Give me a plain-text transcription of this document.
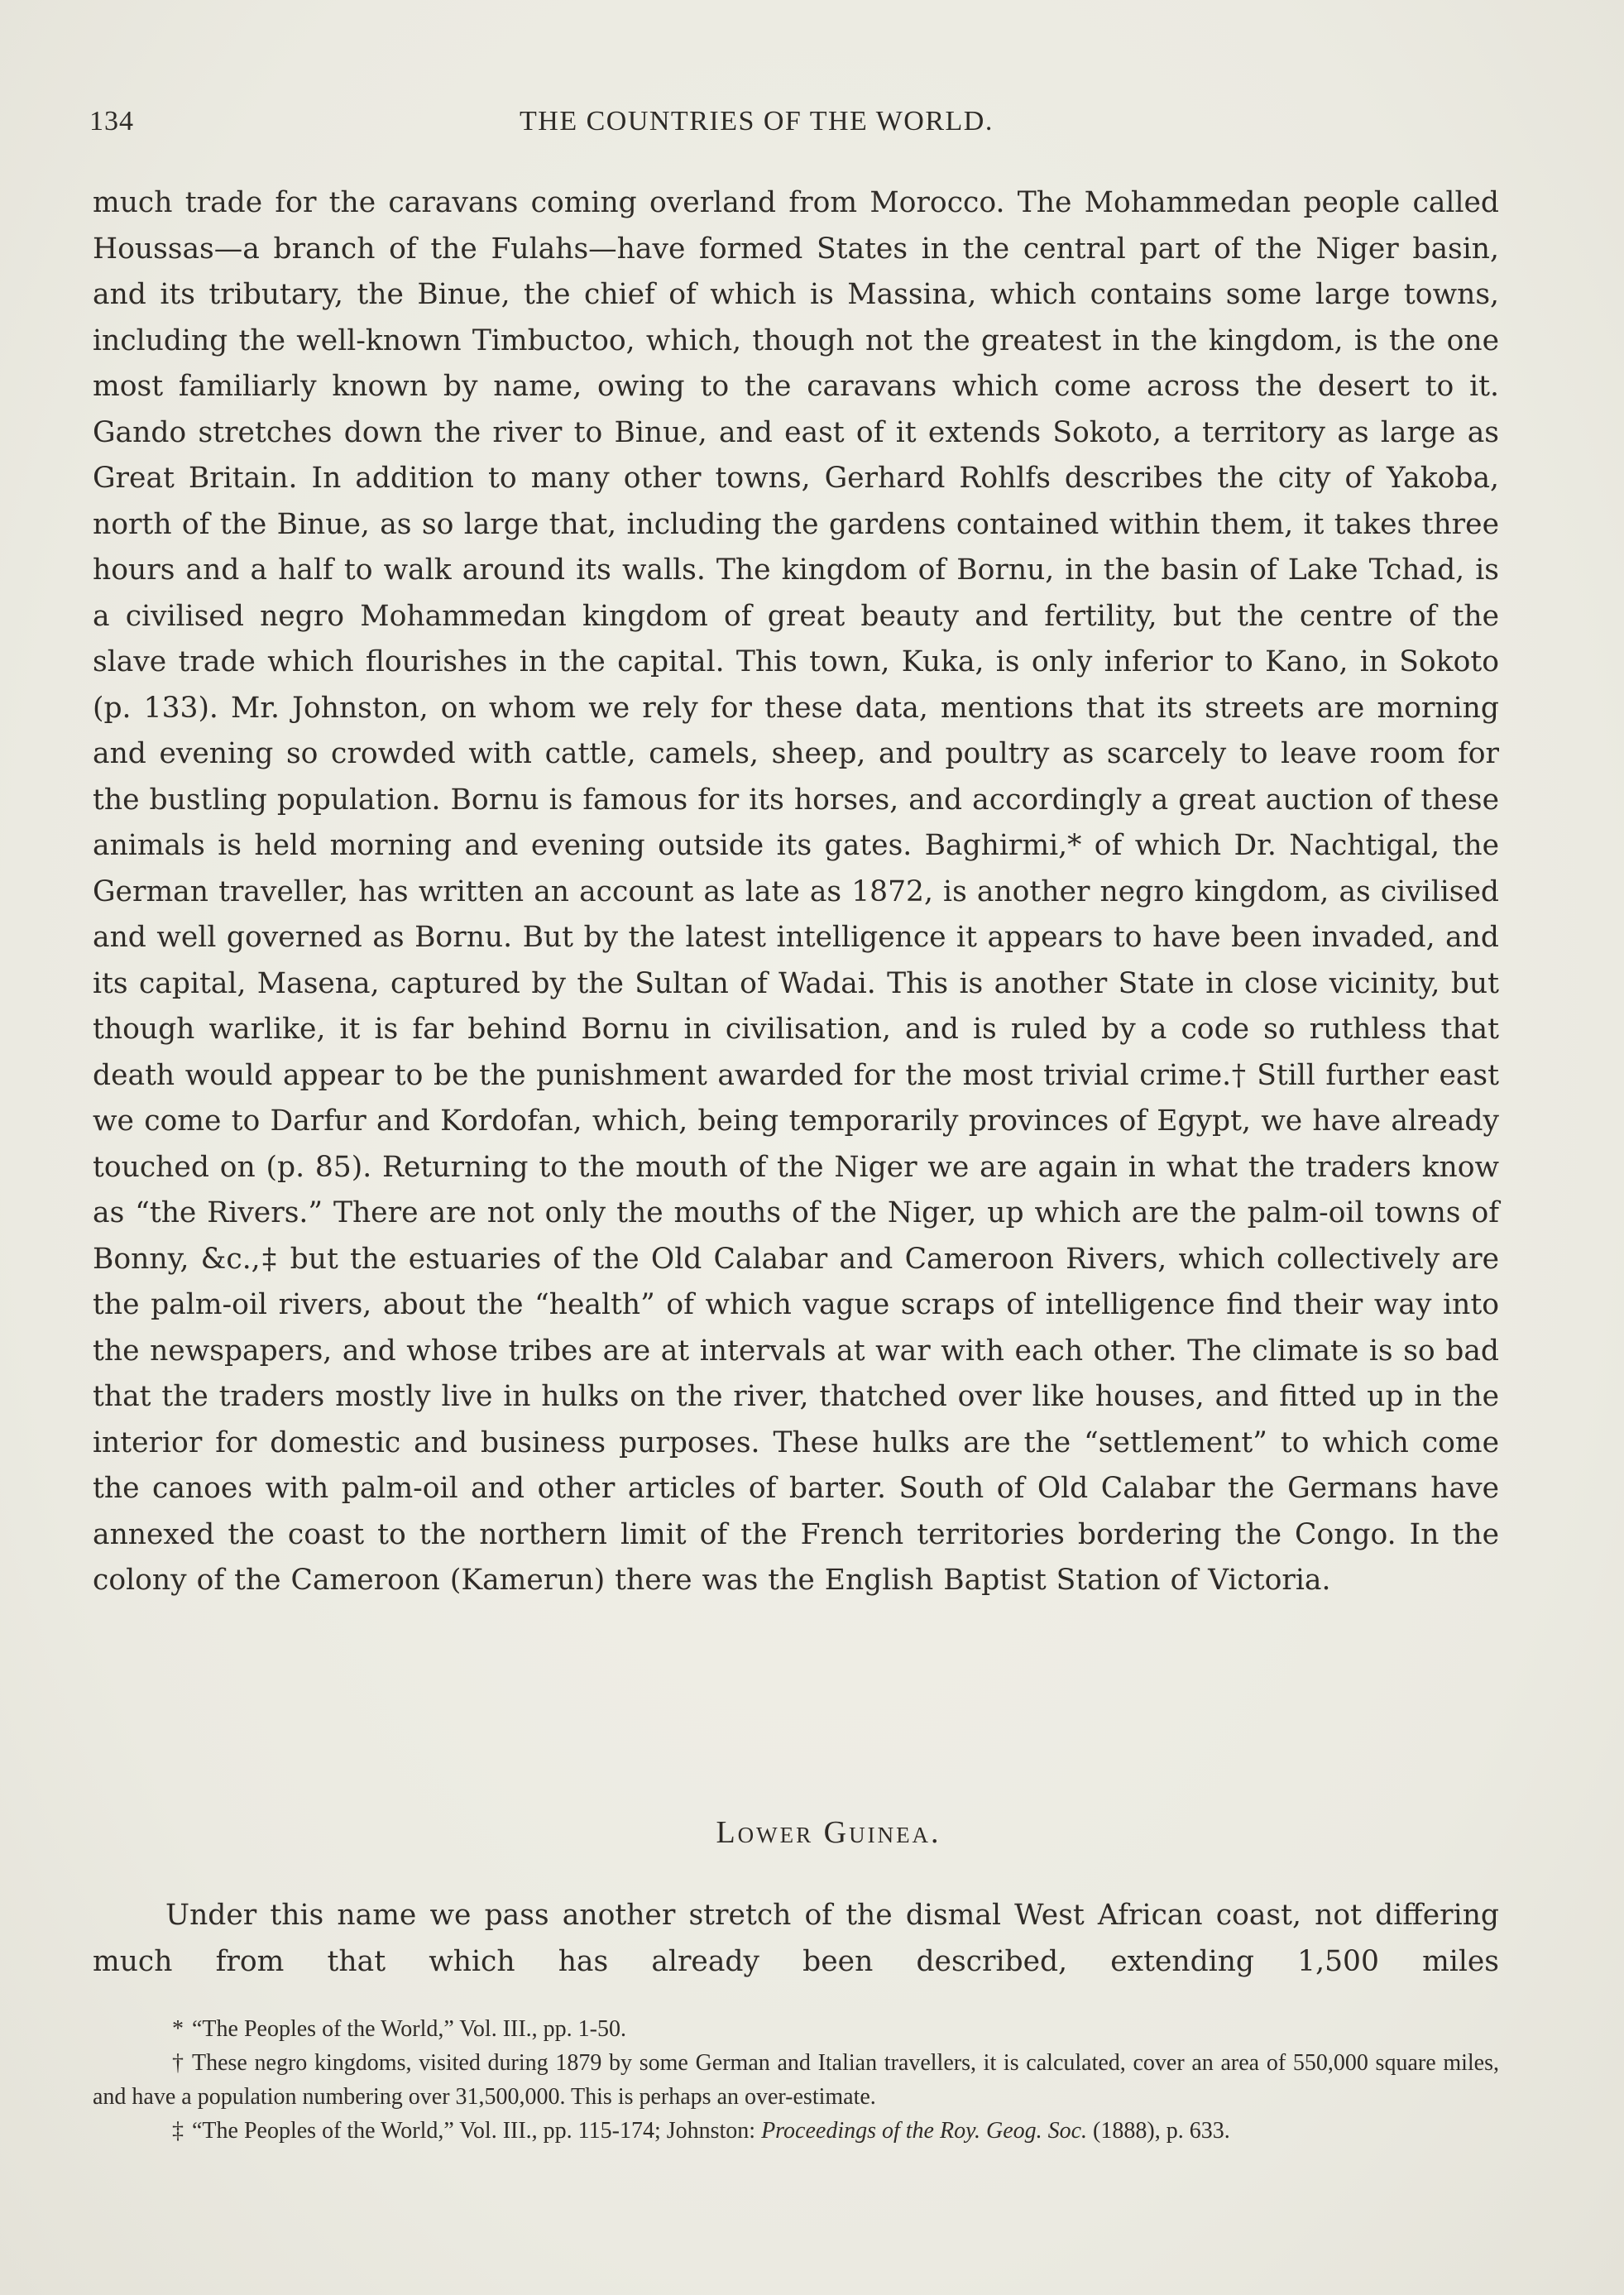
134	THE COUNTRIES OF THE WORLD.

much trade for the caravans coming overland from Morocco. The Mohammedan people called Houssas—a branch of the Fulahs—have formed States in the central part of the Niger basin, and its tributary, the Binue, the chief of which is Massina, which contains some large towns, including the well-known Timbuctoo, which, though not the greatest in the kingdom, is the one most familiarly known by name, owing to the caravans which come across the desert to it. Gando stretches down the river to Binue, and east of it extends Sokoto, a territory as large as Great Britain. In addition to many other towns, Gerhard Rohlfs describes the city of Yakoba, north of the Binue, as so large that, including the gardens contained within them, it takes three hours and a half to walk around its walls. The kingdom of Bornu, in the basin of Lake Tchad, is a civilised negro Mohammedan kingdom of great beauty and fertility, but the centre of the slave trade which flourishes in the capital. This town, Kuka, is only inferior to Kano, in Sokoto (p. 133). Mr. Johnston, on whom we rely for these data, mentions that its streets are morning and evening so crowded with cattle, camels, sheep, and poultry as scarcely to leave room for the bustling population. Bornu is famous for its horses, and accordingly a great auction of these animals is held morning and evening outside its gates. Baghirmi,* of which Dr. Nachtigal, the German traveller, has written an account as late as 1872, is another negro kingdom, as civilised and well governed as Bornu. But by the latest intelligence it appears to have been invaded, and its capital, Masena, captured by the Sultan of Wadai. This is another State in close vicinity, but though warlike, it is far behind Bornu in civilisation, and is ruled by a code so ruthless that death would appear to be the punishment awarded for the most trivial crime.† Still further east we come to Darfur and Kordofan, which, being temporarily provinces of Egypt, we have already touched on (p. 85). Returning to the mouth of the Niger we are again in what the traders know as “the Rivers.” There are not only the mouths of the Niger, up which are the palm-oil towns of Bonny, &c.,‡ but the estuaries of the Old Calabar and Cameroon Rivers, which collectively are the palm-oil rivers, about the “health” of which vague scraps of intelligence find their way into the newspapers, and whose tribes are at intervals at war with each other. The climate is so bad that the traders mostly live in hulks on the river, thatched over like houses, and fitted up in the interior for domestic and business purposes. These hulks are the “settlement” to which come the canoes with palm-oil and other articles of barter. South of Old Calabar the Germans have annexed the coast to the northern limit of the French territories bordering the Congo. In the colony of the Cameroon (Kamerun) there was the English Baptist Station of Victoria.

Lower Guinea.

Under this name we pass another stretch of the dismal West African coast, not differing much from that which has already been described, extending 1,500 miles

* “The Peoples of the World,” Vol. III., pp. 1-50.

† These negro kingdoms, visited during 1879 by some German and Italian travellers, it is calculated, cover an area of 550,000 square miles, and have a population numbering over 31,500,000. This is perhaps an over-estimate.

‡ “The Peoples of the World,” Vol. III., pp. 115-174; Johnston: Proceedings of the Roy. Geog. Soc. (1888), p. 633.
